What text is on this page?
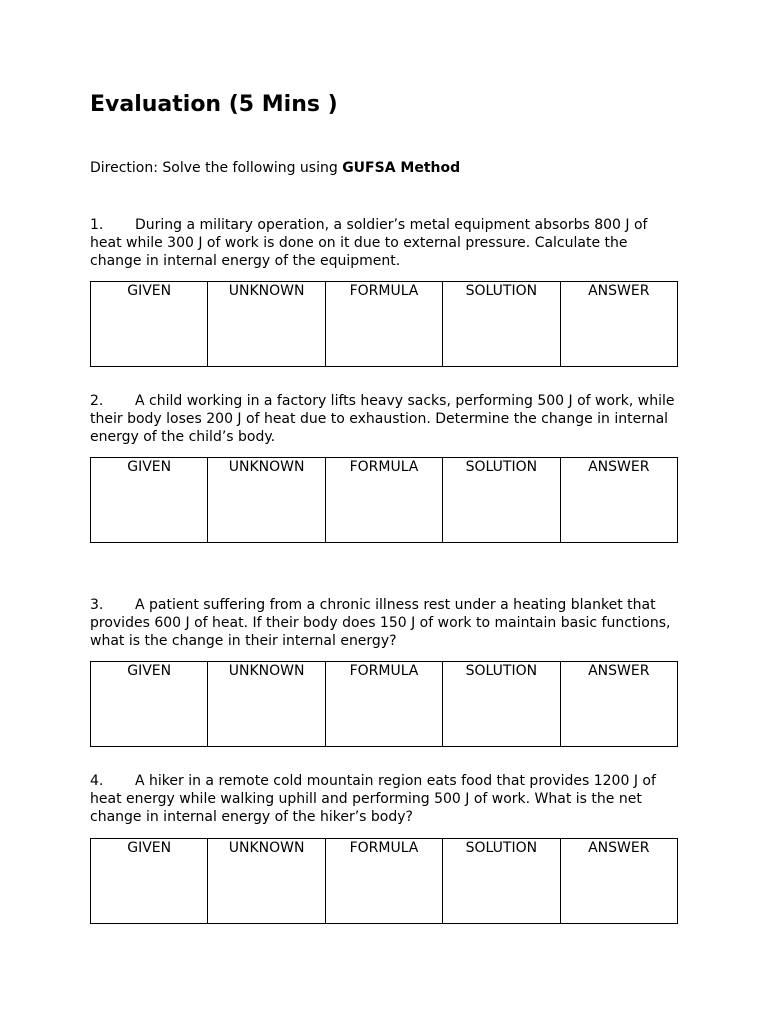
Evaluation (5 Mins )
Direction: Solve the following using GUFSA Method
1. During a military operation, a soldier’s metal equipment absorbs 800 J of heat while 300 J of work is done on it due to external pressure. Calculate the change in internal energy of the equipment.
GIVEN	UNKNOWN	FORMULA	SOLUTION	ANSWER
2. A child working in a factory lifts heavy sacks, performing 500 J of work, while their body loses 200 J of heat due to exhaustion. Determine the change in internal energy of the child’s body.
GIVEN	UNKNOWN	FORMULA	SOLUTION	ANSWER
3. A patient suffering from a chronic illness rest under a heating blanket that provides 600 J of heat. If their body does 150 J of work to maintain basic functions, what is the change in their internal energy?
GIVEN	UNKNOWN	FORMULA	SOLUTION	ANSWER
4. A hiker in a remote cold mountain region eats food that provides 1200 J of heat energy while walking uphill and performing 500 J of work. What is the net change in internal energy of the hiker’s body?
GIVEN	UNKNOWN	FORMULA	SOLUTION	ANSWER
